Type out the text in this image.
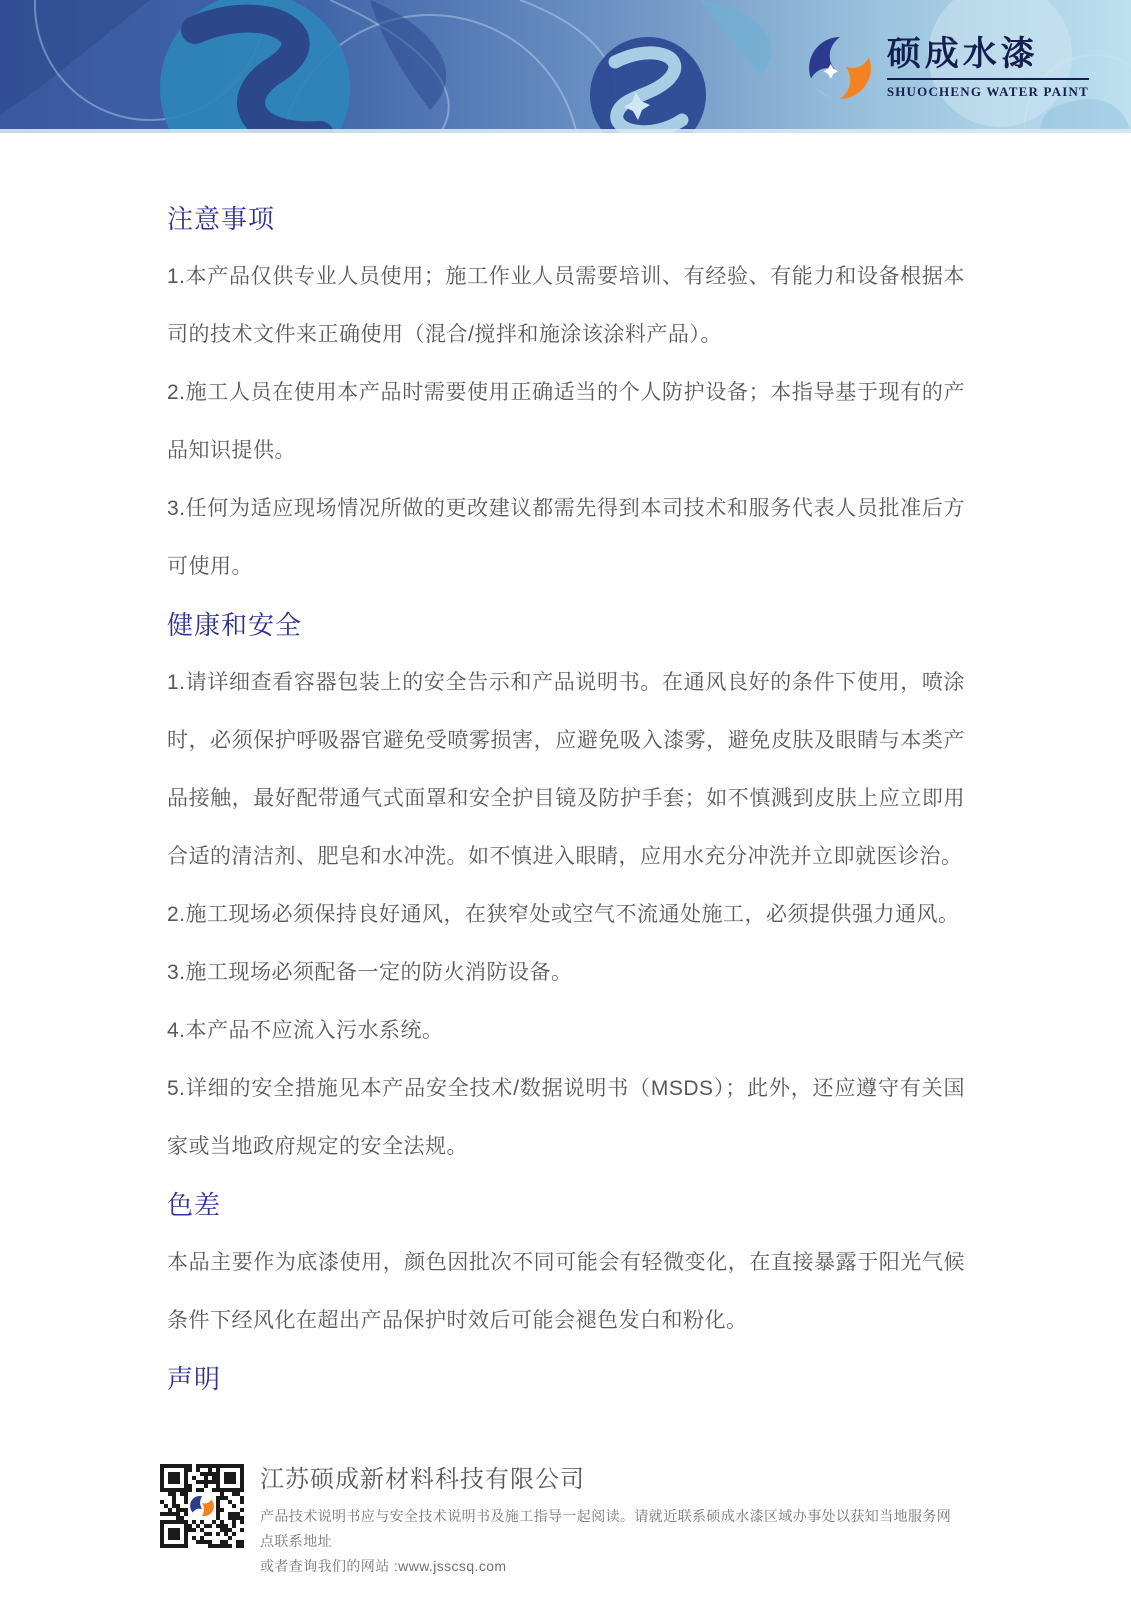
硕成水漆
SHUOCHENG WATER PAINT
注意事项

1.本产品仅供专业人员使用；施工作业人员需要培训、有经验、有能力和设备根据本司的技术文件来正确使用（混合/搅拌和施涂该涂料产品）。

2.施工人员在使用本产品时需要使用正确适当的个人防护设备；本指导基于现有的产品知识提供。

3.任何为适应现场情况所做的更改建议都需先得到本司技术和服务代表人员批准后方可使用。

健康和安全

1.请详细查看容器包装上的安全告示和产品说明书。在通风良好的条件下使用，喷涂时，必须保护呼吸器官避免受喷雾损害，应避免吸入漆雾，避免皮肤及眼睛与本类产品接触，最好配带通气式面罩和安全护目镜及防护手套；如不慎溅到皮肤上应立即用合适的清洁剂、肥皂和水冲洗。如不慎进入眼睛，应用水充分冲洗并立即就医诊治。

2.施工现场必须保持良好通风，在狭窄处或空气不流通处施工，必须提供强力通风。

3.施工现场必须配备一定的防火消防设备。

4.本产品不应流入污水系统。

5.详细的安全措施见本产品安全技术/数据说明书（MSDS）；此外，还应遵守有关国家或当地政府规定的安全法规。

色差

本品主要作为底漆使用，颜色因批次不同可能会有轻微变化，在直接暴露于阳光气候条件下经风化在超出产品保护时效后可能会褪色发白和粉化。

声明
江苏硕成新材料科技有限公司
产品技术说明书应与安全技术说明书及施工指导一起阅读。请就近联系硕成水漆区域办事处以获知当地服务网点联系地址
或者查询我们的网站 :www.jsscsq.com
